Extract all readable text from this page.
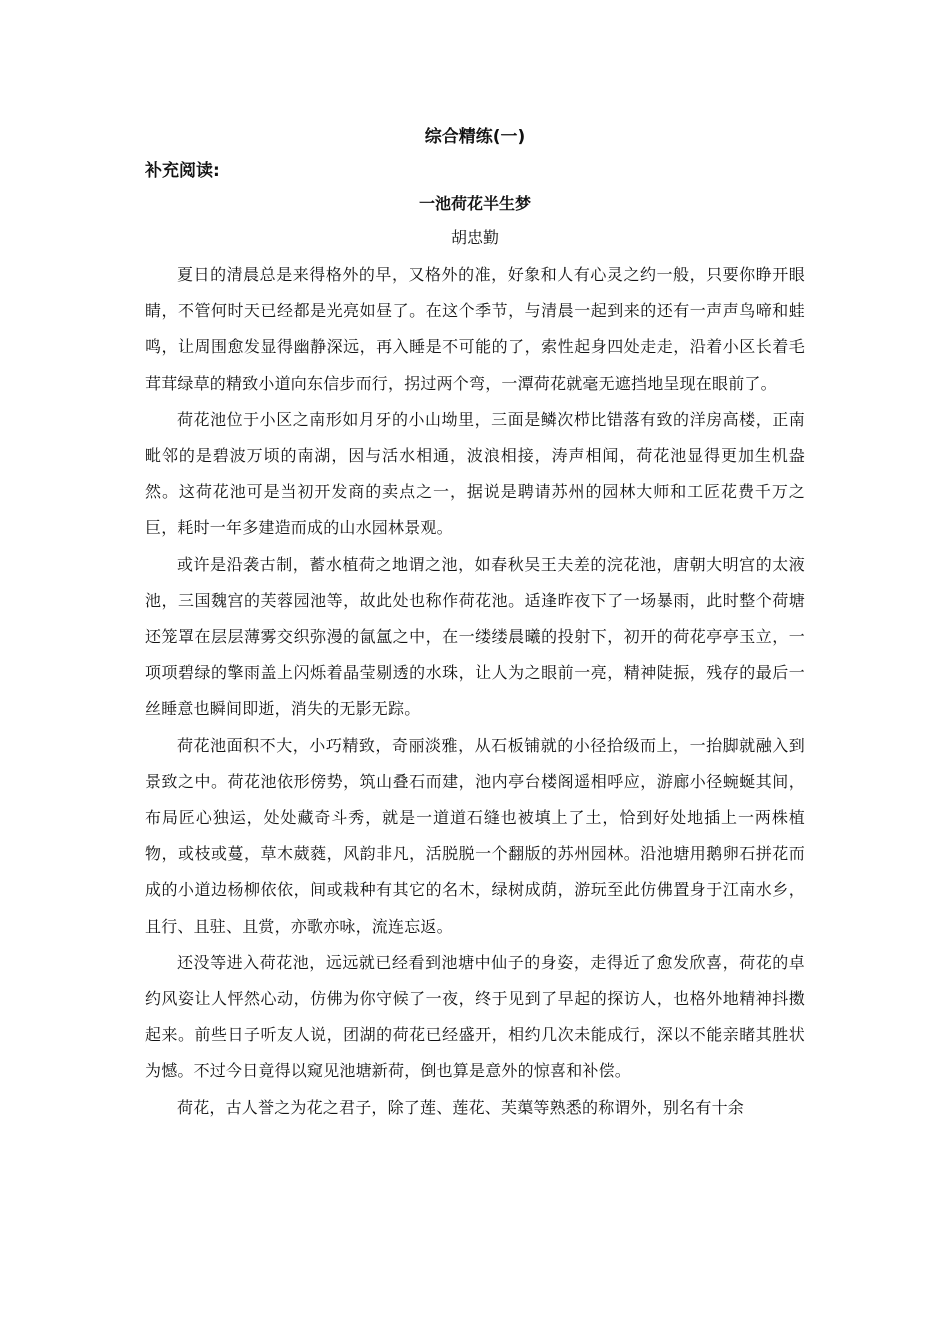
综合精练(一)
补充阅读:
一池荷花半生梦
胡忠勤

夏日的清晨总是来得格外的早，又格外的准，好象和人有心灵之约一般，只要你睁开眼睛，不管何时天已经都是光亮如昼了。在这个季节，与清晨一起到来的还有一声声鸟啼和蛙鸣，让周围愈发显得幽静深远，再入睡是不可能的了，索性起身四处走走，沿着小区长着毛茸茸绿草的精致小道向东信步而行，拐过两个弯，一潭荷花就毫无遮挡地呈现在眼前了。

荷花池位于小区之南形如月牙的小山坳里，三面是鳞次栉比错落有致的洋房高楼，正南毗邻的是碧波万顷的南湖，因与活水相通，波浪相接，涛声相闻，荷花池显得更加生机盎然。这荷花池可是当初开发商的卖点之一，据说是聘请苏州的园林大师和工匠花费千万之巨，耗时一年多建造而成的山水园林景观。

或许是沿袭古制，蓄水植荷之地谓之池，如春秋吴王夫差的浣花池，唐朝大明宫的太液池，三国魏宫的芙蓉园池等，故此处也称作荷花池。适逢昨夜下了一场暴雨，此时整个荷塘还笼罩在层层薄雾交织弥漫的氤氲之中，在一缕缕晨曦的投射下，初开的荷花亭亭玉立，一项项碧绿的擎雨盖上闪烁着晶莹剔透的水珠，让人为之眼前一亮，精神陡振，残存的最后一丝睡意也瞬间即逝，消失的无影无踪。

荷花池面积不大，小巧精致，奇丽淡雅，从石板铺就的小径拾级而上，一抬脚就融入到景致之中。荷花池依形傍势，筑山叠石而建，池内亭台楼阁遥相呼应，游廊小径蜿蜒其间，布局匠心独运，处处藏奇斗秀，就是一道道石缝也被填上了土，恰到好处地插上一两株植物，或枝或蔓，草木葳蕤，风韵非凡，活脱脱一个翻版的苏州园林。沿池塘用鹅卵石拼花而成的小道边杨柳依依，间或栽种有其它的名木，绿树成荫，游玩至此仿佛置身于江南水乡，且行、且驻、且赏，亦歌亦咏，流连忘返。

还没等进入荷花池，远远就已经看到池塘中仙子的身姿，走得近了愈发欣喜，荷花的卓约风姿让人怦然心动，仿佛为你守候了一夜，终于见到了早起的探访人，也格外地精神抖擞起来。前些日子听友人说，团湖的荷花已经盛开，相约几次未能成行，深以不能亲睹其胜状为憾。不过今日竟得以窥见池塘新荷，倒也算是意外的惊喜和补偿。

荷花，古人誉之为花之君子，除了莲、莲花、芙蕖等熟悉的称谓外，别名有十余
